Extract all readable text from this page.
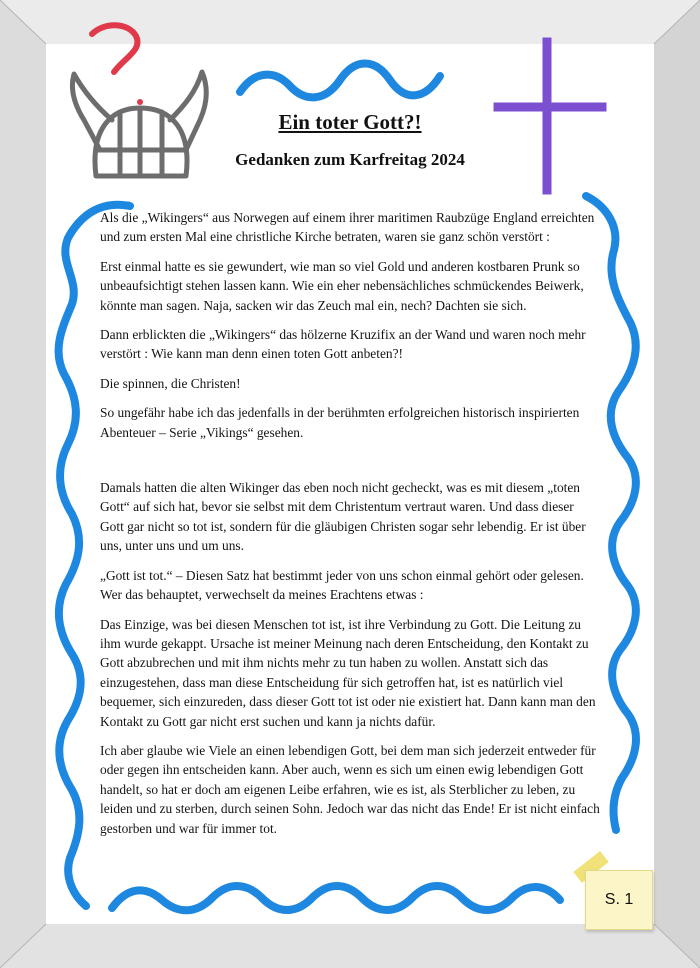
Ein toter Gott?!
Gedanken zum Karfreitag 2024

Als die „Wikingers“ aus Norwegen auf einem ihrer maritimen Raubzüge England erreichten und zum ersten Mal eine christliche Kirche betraten, waren sie ganz schön verstört :

Erst einmal hatte es sie gewundert, wie man so viel Gold und anderen kostbaren Prunk so unbeaufsichtigt stehen lassen kann. Wie ein eher nebensächliches schmückendes Beiwerk, könnte man sagen. Naja, sacken wir das Zeuch mal ein, nech? Dachten sie sich.

Dann erblickten die „Wikingers“ das hölzerne Kruzifix an der Wand und waren noch mehr verstört : Wie kann man denn einen toten Gott anbeten?!

Die spinnen, die Christen!

So ungefähr habe ich das jedenfalls in der berühmten erfolgreichen historisch inspirierten Abenteuer – Serie „Vikings“ gesehen.

Damals hatten die alten Wikinger das eben noch nicht gecheckt, was es mit diesem „toten Gott“ auf sich hat, bevor sie selbst mit dem Christentum vertraut waren. Und dass dieser Gott gar nicht so tot ist, sondern für die gläubigen Christen sogar sehr lebendig. Er ist über uns, unter uns und um uns.

„Gott ist tot.“ – Diesen Satz hat bestimmt jeder von uns schon einmal gehört oder gelesen. Wer das behauptet, verwechselt da meines Erachtens etwas :

Das Einzige, was bei diesen Menschen tot ist, ist ihre Verbindung zu Gott. Die Leitung zu ihm wurde gekappt. Ursache ist meiner Meinung nach deren Entscheidung, den Kontakt zu Gott abzubrechen und mit ihm nichts mehr zu tun haben zu wollen. Anstatt sich das einzugestehen, dass man diese Entscheidung für sich getroffen hat, ist es natürlich viel bequemer, sich einzureden, dass dieser Gott tot ist oder nie existiert hat. Dann kann man den Kontakt zu Gott gar nicht erst suchen und kann ja nichts dafür.

Ich aber glaube wie Viele an einen lebendigen Gott, bei dem man sich jederzeit entweder für oder gegen ihn entscheiden kann. Aber auch, wenn es sich um einen ewig lebendigen Gott handelt, so hat er doch am eigenen Leibe erfahren, wie es ist, als Sterblicher zu leben, zu leiden und zu sterben, durch seinen Sohn. Jedoch war das nicht das Ende! Er ist nicht einfach gestorben und war für immer tot.

S. 1
